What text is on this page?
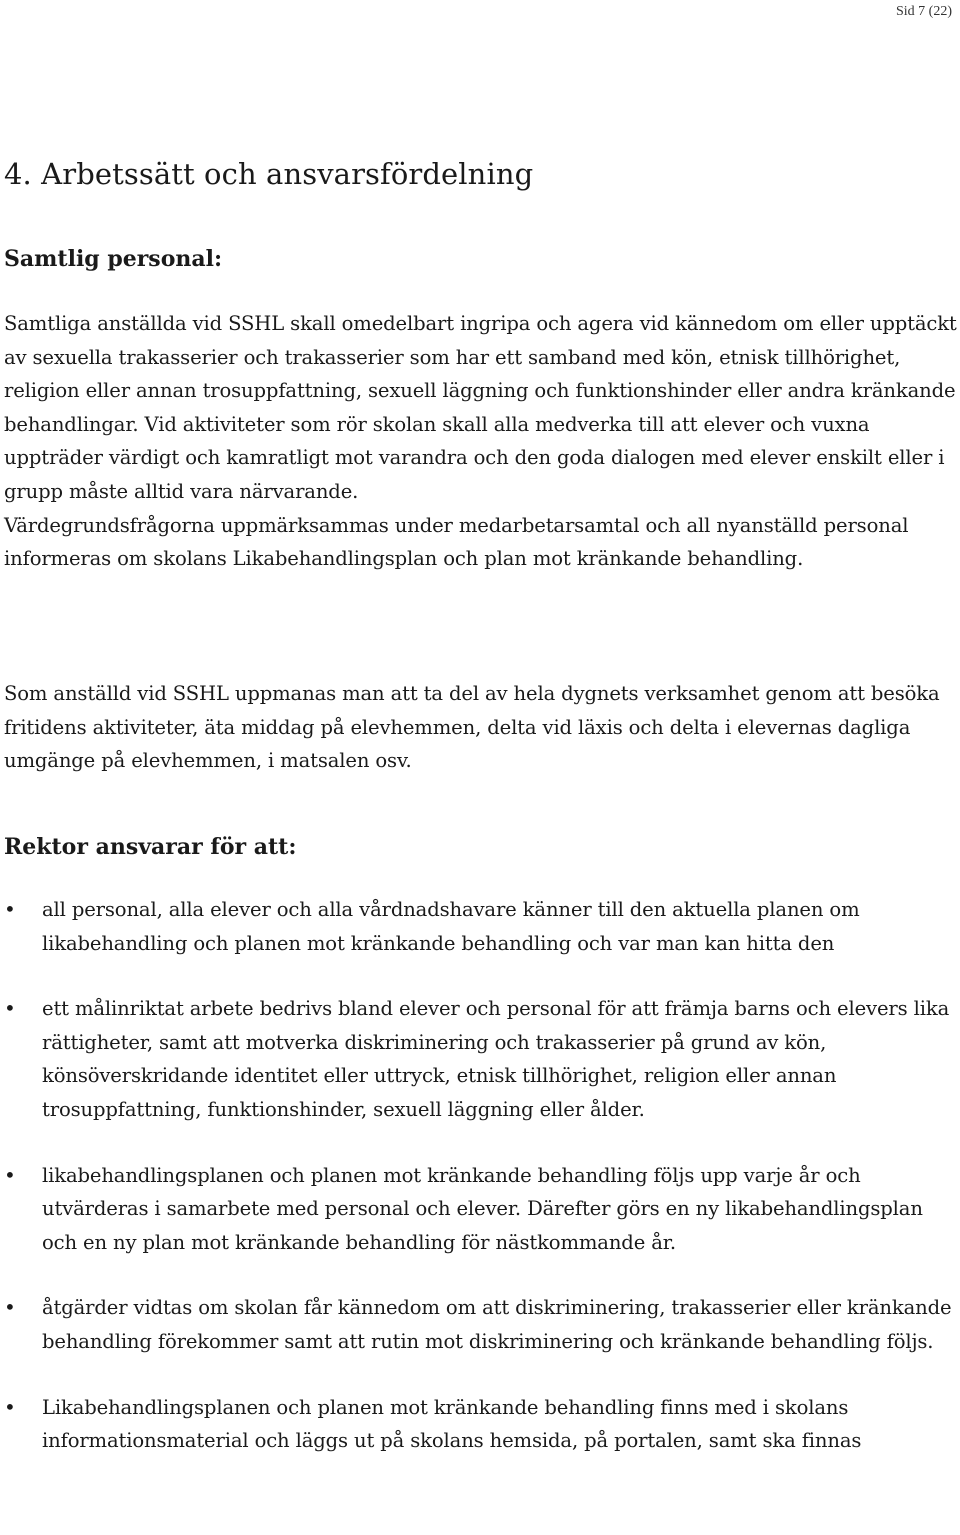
Sid 7 (22)
4. Arbetssätt och ansvarsfördelning
Samtlig personal:

Samtliga anställda vid SSHL skall omedelbart ingripa och agera vid kännedom om eller upptäckt av sexuella trakasserier och trakasserier som har ett samband med kön, etnisk tillhörighet, religion eller annan trosuppfattning, sexuell läggning och funktionshinder eller andra kränkande behandlingar. Vid aktiviteter som rör skolan skall alla medverka till att elever och vuxna uppträder värdigt och kamratligt mot varandra och den goda dialogen med elever enskilt eller i grupp måste alltid vara närvarande.

Värdegrundsfrågorna uppmärksammas under medarbetarsamtal och all nyanställd personal informeras om skolans Likabehandlingsplan och plan mot kränkande behandling.

Som anställd vid SSHL uppmanas man att ta del av hela dygnets verksamhet genom att besöka fritidens aktiviteter, äta middag på elevhemmen, delta vid läxis och delta i elevernas dagliga umgänge på elevhemmen, i matsalen osv.

Rektor ansvarar för att:
• all personal, alla elever och alla vårdnadshavare känner till den aktuella planen om likabehandling och planen mot kränkande behandling och var man kan hitta den
• ett målinriktat arbete bedrivs bland elever och personal för att främja barns och elevers lika rättigheter, samt att motverka diskriminering och trakasserier på grund av kön, könsöverskridande identitet eller uttryck, etnisk tillhörighet, religion eller annan trosuppfattning, funktionshinder, sexuell läggning eller ålder.
• likabehandlingsplanen och planen mot kränkande behandling följs upp varje år och utvärderas i samarbete med personal och elever. Därefter görs en ny likabehandlingsplan och en ny plan mot kränkande behandling för nästkommande år.
• åtgärder vidtas om skolan får kännedom om att diskriminering, trakasserier eller kränkande behandling förekommer samt att rutin mot diskriminering och kränkande behandling följs.
• Likabehandlingsplanen och planen mot kränkande behandling finns med i skolans informationsmaterial och läggs ut på skolans hemsida, på portalen, samt ska finnas
